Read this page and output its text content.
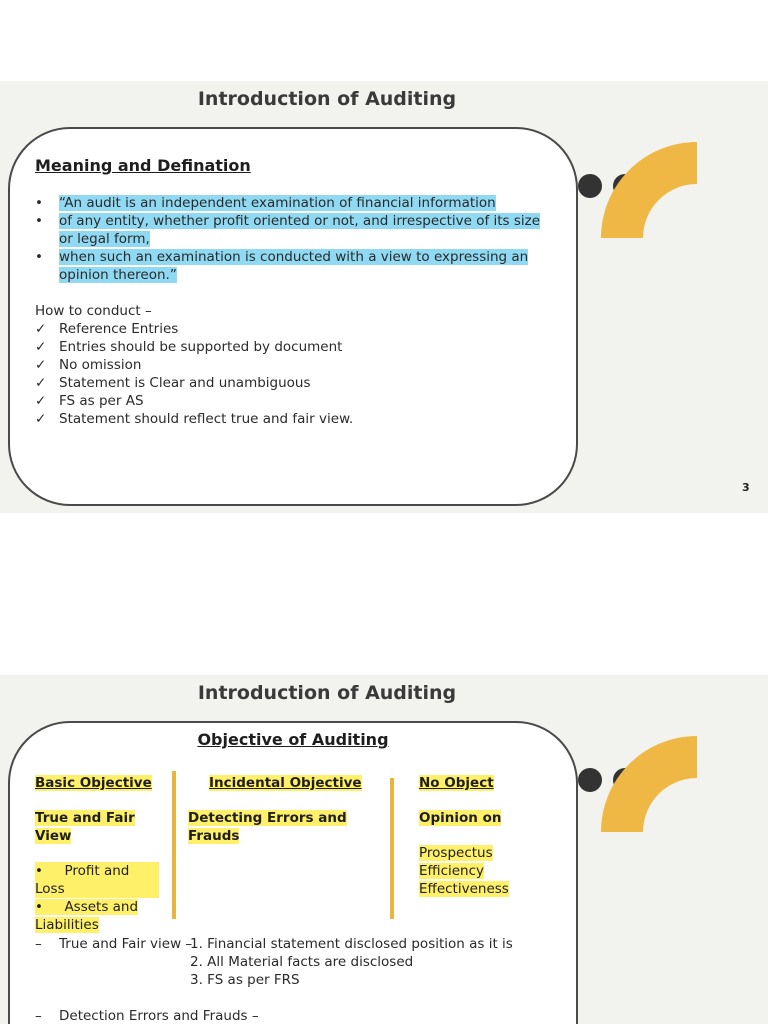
Introduction of Auditing
Meaning and Defination
• “An audit is an independent examination of financial information
• of any entity, whether profit oriented or not, and irrespective of its size or legal form,
• when such an examination is conducted with a view to expressing an opinion thereon.”
How to conduct –
✓ Reference Entries
✓ Entries should be supported by document
✓ No omission
✓ Statement is Clear and unambiguous
✓ FS as per AS
✓ Statement should reflect true and fair view.
3
Introduction of Auditing
Objective of Auditing
Basic Objective
True and Fair View
• Profit and Loss
• Assets and Liabilities
Incidental Objective
Detecting Errors and Frauds
No Object
Opinion on
Prospectus
Efficiency
Effectiveness
– True and Fair view –
1. Financial statement disclosed position as it is
2. All Material facts are disclosed
3. FS as per FRS
– Detection Errors and Frauds –
